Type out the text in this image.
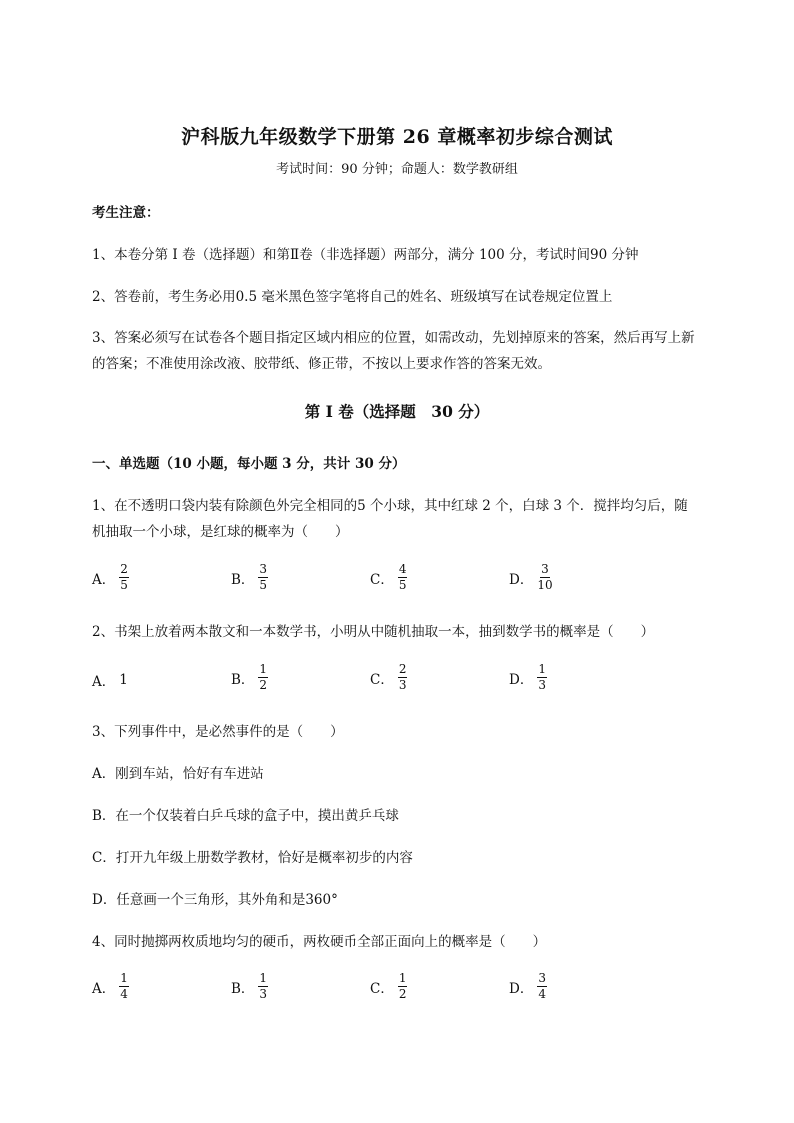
沪科版九年级数学下册第 26 章概率初步综合测试
考试时间：90 分钟；命题人：数学教研组
考生注意：
1、本卷分第 I 卷（选择题）和第Ⅱ卷（非选择题）两部分，满分 100 分，考试时间90 分钟
2、答卷前，考生务必用0.5 毫米黑色签字笔将自己的姓名、班级填写在试卷规定位置上
3、答案必须写在试卷各个题目指定区域内相应的位置，如需改动，先划掉原来的答案，然后再写上新
的答案；不准使用涂改液、胶带纸、修正带，不按以上要求作答的答案无效。
第 I 卷（选择题　30 分）
一、单选题（10 小题，每小题 3 分，共计 30 分）
1、在不透明口袋内装有除颜色外完全相同的5 个小球，其中红球 2 个，白球 3 个．搅拌均匀后，随
机抽取一个小球，是红球的概率为（　　）
A． $\frac{2}{5}$	B． $\frac{3}{5}$	C． $\frac{4}{5}$	D． $\frac{3}{10}$
2、书架上放着两本散文和一本数学书，小明从中随机抽取一本，抽到数学书的概率是（　　）
A． 1	B． $\frac{1}{2}$	C． $\frac{2}{3}$	D． $\frac{1}{3}$
3、下列事件中，是必然事件的是（　　）
A．刚到车站，恰好有车进站
B．在一个仅装着白乒乓球的盒子中，摸出黄乒乓球
C．打开九年级上册数学教材，恰好是概率初步的内容
D．任意画一个三角形，其外角和是360°
4、同时抛掷两枚质地均匀的硬币，两枚硬币全部正面向上的概率是（　　）
A． $\frac{1}{4}$	B． $\frac{1}{3}$	C． $\frac{1}{2}$	D． $\frac{3}{4}$
